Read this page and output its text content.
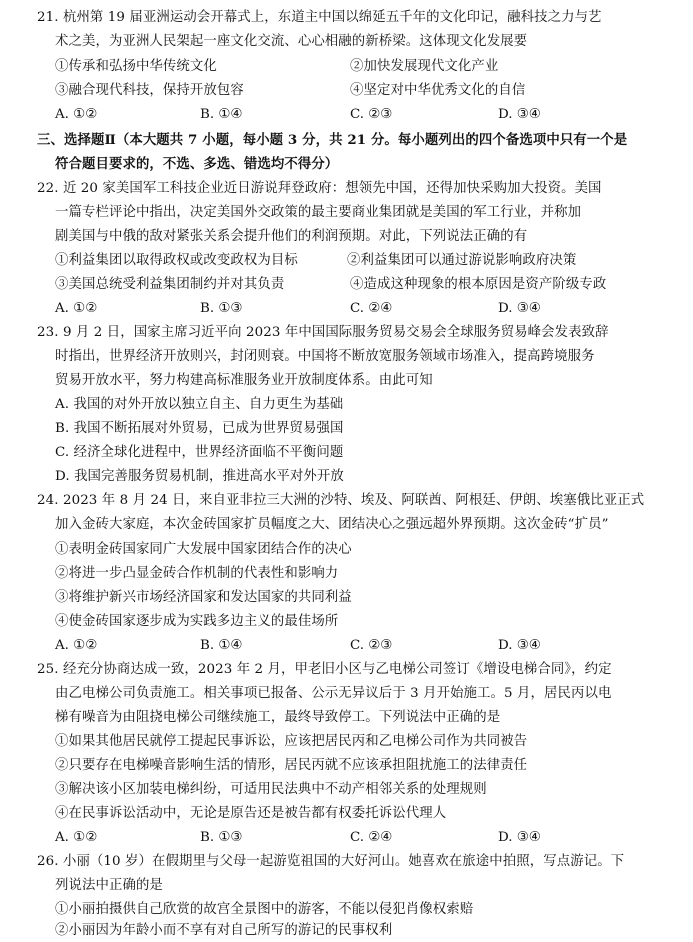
21. 杭州第 19 届亚洲运动会开幕式上，东道主中国以绵延五千年的文化印记，融科技之力与艺
术之美，为亚洲人民架起一座文化交流、心心相融的新桥梁。这体现文化发展要
①传承和弘扬中华传统文化	②加快发展现代文化产业
③融合现代科技，保持开放包容	④坚定对中华优秀文化的自信
A. ①②	B. ①④	C. ②③	D. ③④
三、选择题Ⅱ（本大题共 7 小题，每小题 3 分，共 21 分。每小题列出的四个备选项中只有一个是
符合题目要求的，不选、多选、错选均不得分）
22. 近 20 家美国军工科技企业近日游说拜登政府：想领先中国，还得加快采购加大投资。美国
一篇专栏评论中指出，决定美国外交政策的最主要商业集团就是美国的军工行业，并称加
剧美国与中俄的敌对紧张关系会提升他们的利润预期。对此，下列说法正确的有
①利益集团以取得政权或改变政权为目标	②利益集团可以通过游说影响政府决策
③美国总统受利益集团制约并对其负责	④造成这种现象的根本原因是资产阶级专政
A. ①②	B. ①③	C. ②④	D. ③④
23. 9 月 2 日，国家主席习近平向 2023 年中国国际服务贸易交易会全球服务贸易峰会发表致辞
时指出，世界经济开放则兴，封闭则衰。中国将不断放宽服务领域市场准入，提高跨境服务
贸易开放水平，努力构建高标准服务业开放制度体系。由此可知
A. 我国的对外开放以独立自主、自力更生为基础
B. 我国不断拓展对外贸易，已成为世界贸易强国
C. 经济全球化进程中，世界经济面临不平衡问题
D. 我国完善服务贸易机制，推进高水平对外开放
24. 2023 年 8 月 24 日，来自亚非拉三大洲的沙特、埃及、阿联酋、阿根廷、伊朗、埃塞俄比亚正式
加入金砖大家庭，本次金砖国家扩员幅度之大、团结决心之强远超外界预期。这次金砖“扩员”
①表明金砖国家同广大发展中国家团结合作的决心
②将进一步凸显金砖合作机制的代表性和影响力
③将维护新兴市场经济国家和发达国家的共同利益
④使金砖国家逐步成为实践多边主义的最佳场所
A. ①②	B. ①④	C. ②③	D. ③④
25. 经充分协商达成一致，2023 年 2 月，甲老旧小区与乙电梯公司签订《增设电梯合同》，约定
由乙电梯公司负责施工。相关事项已报备、公示无异议后于 3 月开始施工。5 月，居民丙以电
梯有噪音为由阻挠电梯公司继续施工，最终导致停工。下列说法中正确的是
①如果其他居民就停工提起民事诉讼，应该把居民丙和乙电梯公司作为共同被告
②只要存在电梯噪音影响生活的情形，居民丙就不应该承担阻扰施工的法律责任
③解决该小区加装电梯纠纷，可适用民法典中不动产相邻关系的处理规则
④在民事诉讼活动中，无论是原告还是被告都有权委托诉讼代理人
A. ①②	B. ①③	C. ②④	D. ③④
26. 小丽（10 岁）在假期里与父母一起游览祖国的大好河山。她喜欢在旅途中拍照，写点游记。下
列说法中正确的是
①小丽拍摄供自己欣赏的故宫全景图中的游客，不能以侵犯肖像权索赔
②小丽因为年龄小而不享有对自己所写的游记的民事权利
